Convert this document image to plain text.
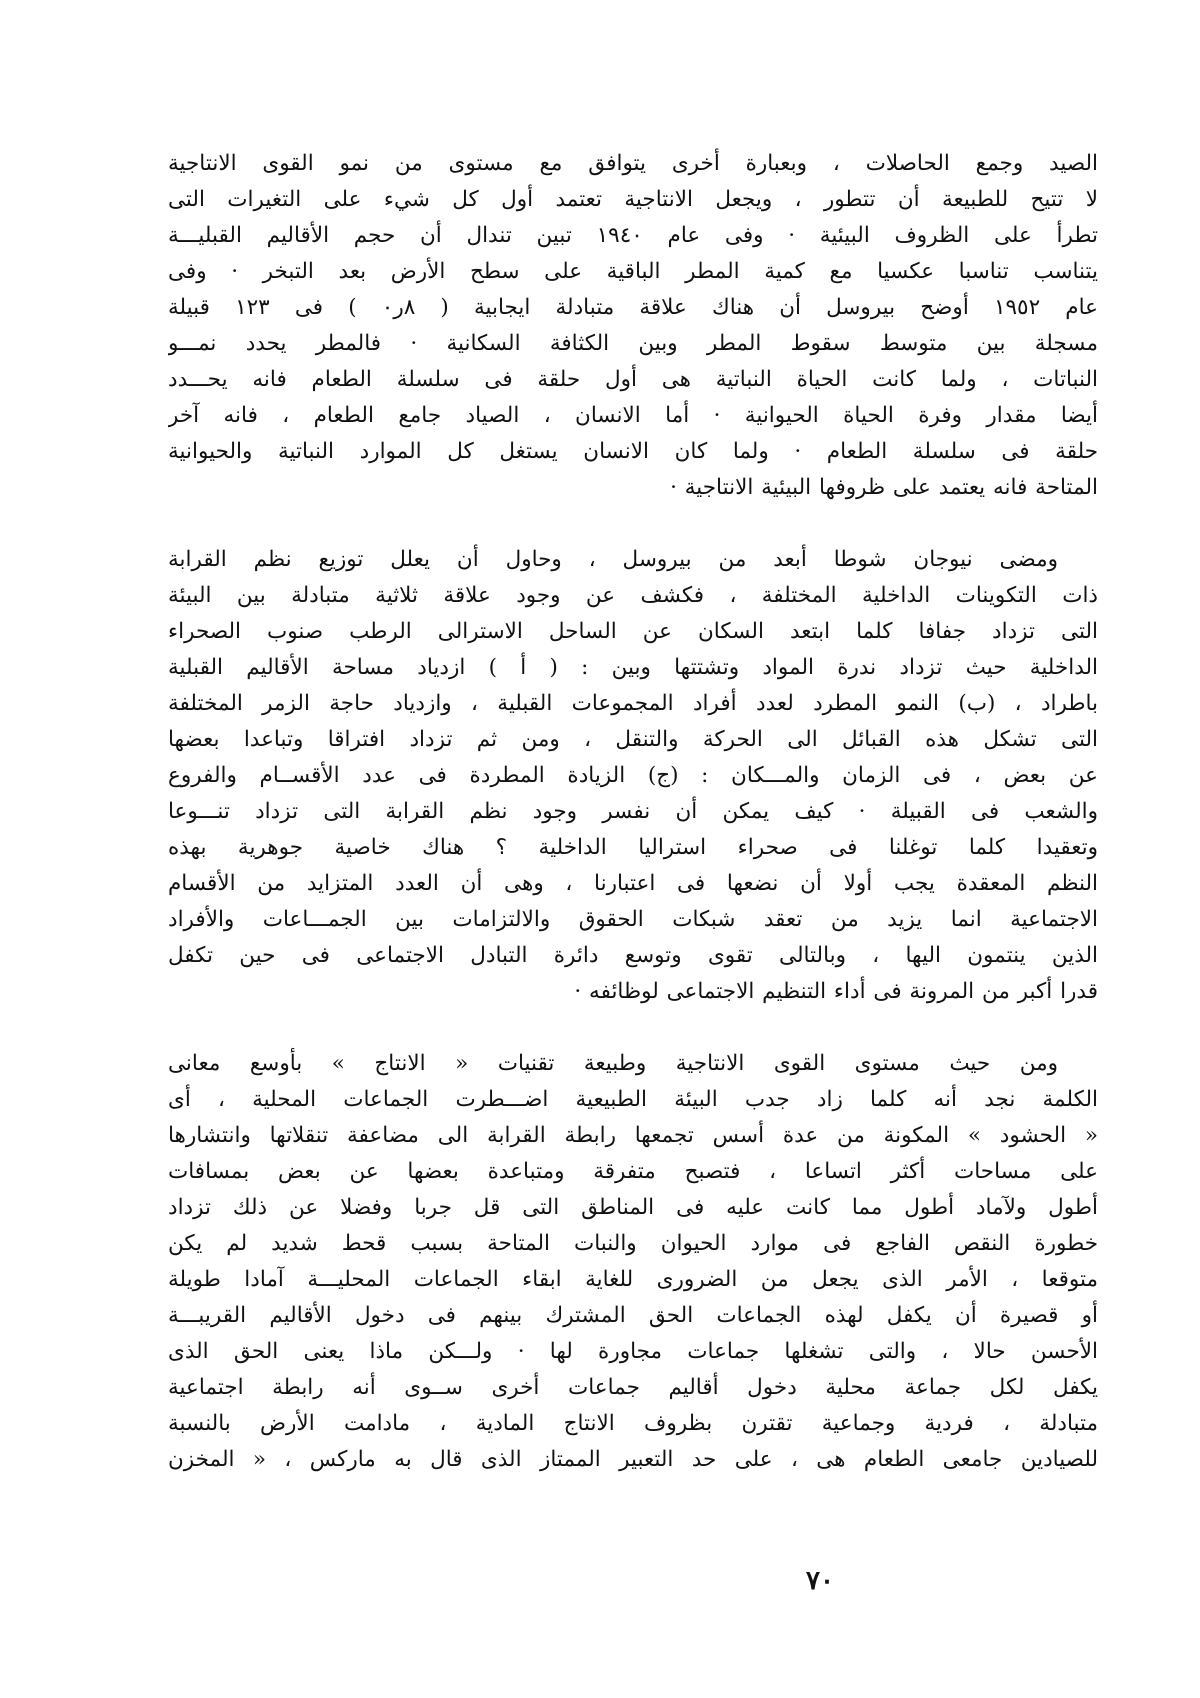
الصيد وجمع الحاصلات ، وبعبارة أخرى يتوافق مع مستوى من نمو القوى الانتاجية
لا تتيح للطبيعة أن تتطور ، ويجعل الانتاجية تعتمد أول كل شيء على التغيرات التى
تطرأ على الظروف البيئية · وفى عام ١٩٤٠ تبين تندال أن حجم الأقاليم القبليـــة
يتناسب تناسبا عكسيا مع كمية المطر الباقية على سطح الأرض بعد التبخر · وفى
عام ١٩٥٢ أوضح بيروسل أن هناك علاقة متبادلة ايجابية ( ٨ر٠ ) فى ١٢٣ قبيلة
مسجلة بين متوسط سقوط المطر وبين الكثافة السكانية · فالمطر يحدد نمـــو
النباتات ، ولما كانت الحياة النباتية هى أول حلقة فى سلسلة الطعام فانه يحـــدد
أيضا مقدار وفرة الحياة الحيوانية · أما الانسان ، الصياد جامع الطعام ، فانه آخر
حلقة فى سلسلة الطعام · ولما كان الانسان يستغل كل الموارد النباتية والحيوانية
المتاحة فانه يعتمد على ظروفها البيئية الانتاجية ·
ومضى نيوجان شوطا أبعد من بيروسل ، وحاول أن يعلل توزيع نظم القرابة
ذات التكوينات الداخلية المختلفة ، فكشف عن وجود علاقة ثلاثية متبادلة بين البيئة
التى تزداد جفافا كلما ابتعد السكان عن الساحل الاسترالى الرطب صنوب الصحراء
الداخلية حيث تزداد ندرة المواد وتشتتها وبين : ( أ ) ازدياد مساحة الأقاليم القبلية
باطراد ، (ب) النمو المطرد لعدد أفراد المجموعات القبلية ، وازدياد حاجة الزمر المختلفة
التى تشكل هذه القبائل الى الحركة والتنقل ، ومن ثم تزداد افتراقا وتباعدا بعضها
عن بعض ، فى الزمان والمـــكان : (ج) الزيادة المطردة فى عدد الأقســام والفروع
والشعب فى القبيلة · كيف يمكن أن نفسر وجود نظم القرابة التى تزداد تنـــوعا
وتعقيدا كلما توغلنا فى صحراء استراليا الداخلية ؟ هناك خاصية جوهرية بهذه
النظم المعقدة يجب أولا أن نضعها فى اعتبارنا ، وهى أن العدد المتزايد من الأقسام
الاجتماعية انما يزيد من تعقد شبكات الحقوق والالتزامات بين الجمـــاعات والأفراد
الذين ينتمون اليها ، وبالتالى تقوى وتوسع دائرة التبادل الاجتماعى فى حين تكفل
قدرا أكبر من المرونة فى أداء التنظيم الاجتماعى لوظائفه ·
ومن حيث مستوى القوى الانتاجية وطبيعة تقنيات « الانتاج » بأوسع معانى
الكلمة نجد أنه كلما زاد جدب البيئة الطبيعية اضـــطرت الجماعات المحلية ، أى
« الحشود » المكونة من عدة أسس تجمعها رابطة القرابة الى مضاعفة تنقلاتها وانتشارها
على مساحات أكثر اتساعا ، فتصبح متفرقة ومتباعدة بعضها عن بعض بمسافات
أطول ولآماد أطول مما كانت عليه فى المناطق التى قل جربا وفضلا عن ذلك تزداد
خطورة النقص الفاجع فى موارد الحيوان والنبات المتاحة بسبب قحط شديد لم يكن
متوقعا ، الأمر الذى يجعل من الضرورى للغاية ابقاء الجماعات المحليـــة آمادا طويلة
أو قصيرة أن يكفل لهذه الجماعات الحق المشترك بينهم فى دخول الأقاليم القريبـــة
الأحسن حالا ، والتى تشغلها جماعات مجاورة لها · ولـــكن ماذا يعنى الحق الذى
يكفل لكل جماعة محلية دخول أقاليم جماعات أخرى ســوى أنه رابطة اجتماعية
متبادلة ، فردية وجماعية تقترن بظروف الانتاج المادية ، مادامت الأرض بالنسبة
للصيادين جامعى الطعام هى ، على حد التعبير الممتاز الذى قال به ماركس ، « المخزن
٧٠
